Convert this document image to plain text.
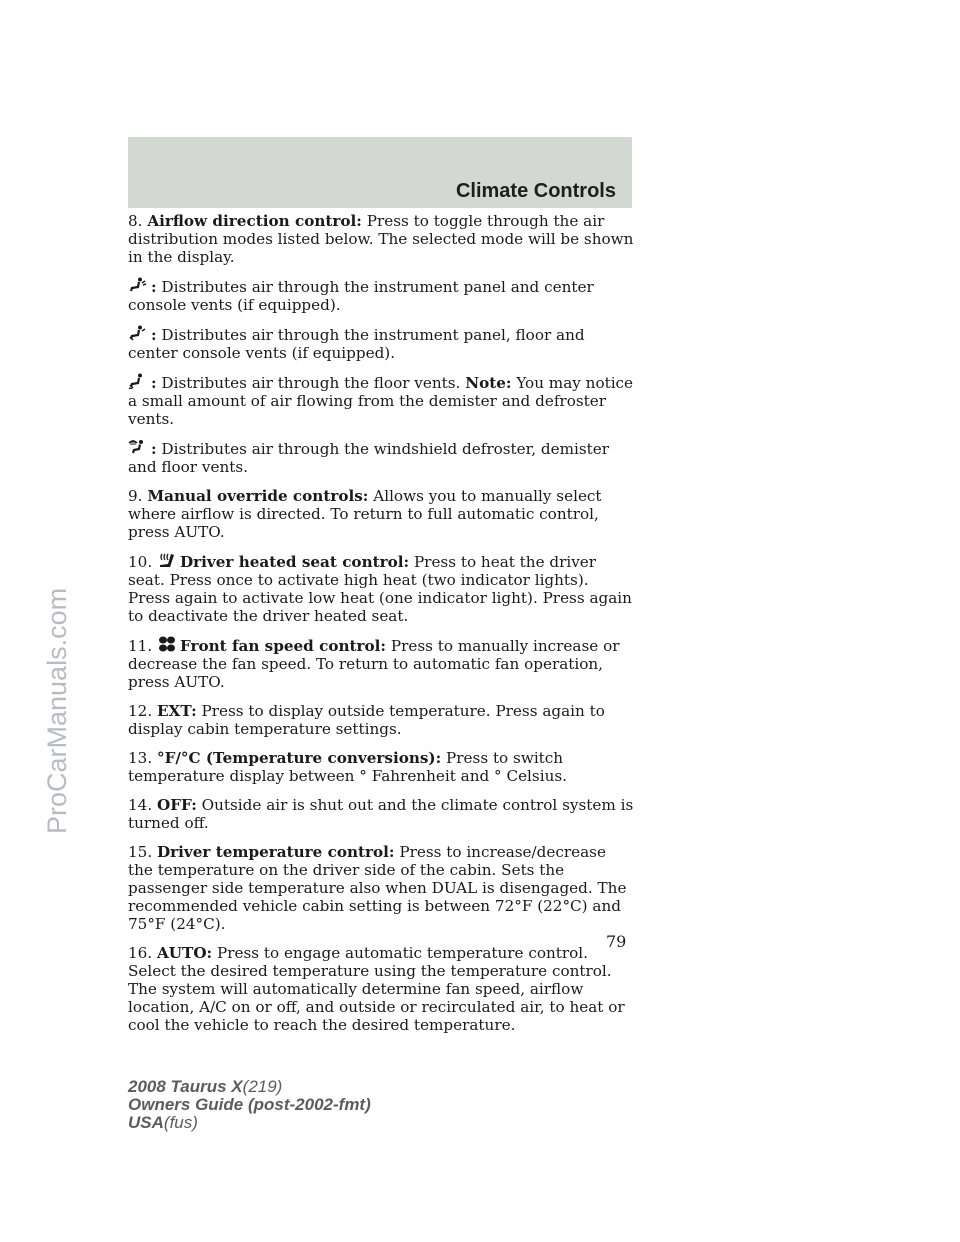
Climate Controls

8. Airflow direction control: Press to toggle through the air distribution modes listed below. The selected mode will be shown in the display.

: Distributes air through the instrument panel and center console vents (if equipped).

: Distributes air through the instrument panel, floor and center console vents (if equipped).

: Distributes air through the floor vents. Note: You may notice a small amount of air flowing from the demister and defroster vents.

: Distributes air through the windshield defroster, demister and floor vents.

9. Manual override controls: Allows you to manually select where airflow is directed. To return to full automatic control, press AUTO.

10.
Driver heated seat control: Press to heat the driver seat. Press once to activate high heat (two indicator lights). Press again to activate low heat (one indicator light). Press again to deactivate the driver heated seat.

11.
Front fan speed control: Press to manually increase or decrease the fan speed. To return to automatic fan operation, press AUTO.

12. EXT: Press to display outside temperature. Press again to display cabin temperature settings.

13. °F/°C (Temperature conversions): Press to switch temperature display between ° Fahrenheit and ° Celsius.

14. OFF: Outside air is shut out and the climate control system is turned off.

15. Driver temperature control: Press to increase/decrease the temperature on the driver side of the cabin. Sets the passenger side temperature also when DUAL is disengaged. The recommended vehicle cabin setting is between 72°F (22°C) and 75°F (24°C).

16. AUTO: Press to engage automatic temperature control. Select the desired temperature using the temperature control. The system will automatically determine fan speed, airflow location, A/C on or off, and outside or recirculated air, to heat or cool the vehicle to reach the desired temperature.

79
2008 Taurus X(219)
Owners Guide (post-2002-fmt)
USA(fus)
ProCarManuals.com
